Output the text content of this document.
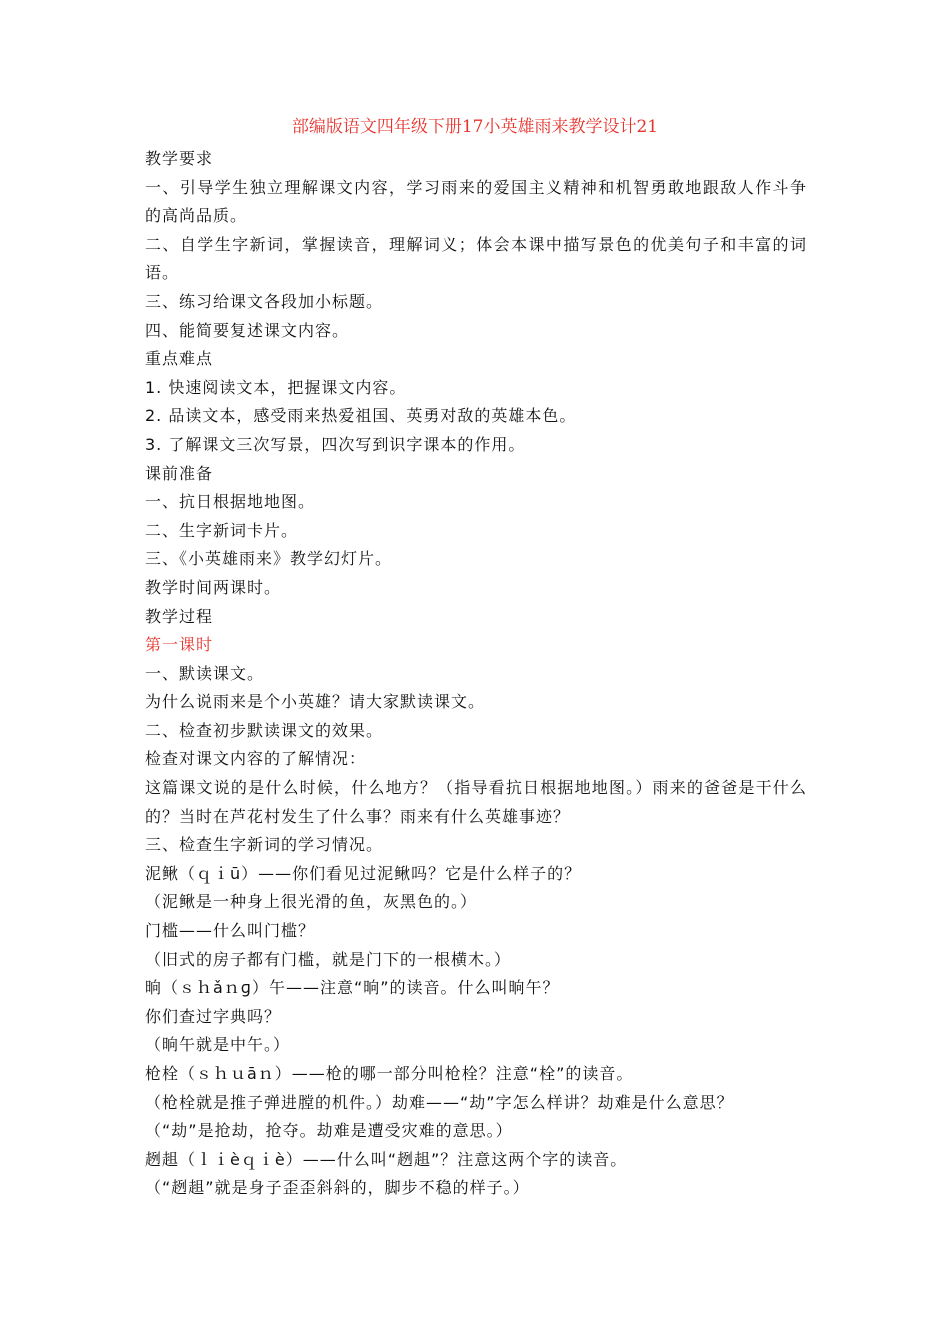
部编版语文四年级下册17小英雄雨来教学设计21
教学要求
一、引导学生独立理解课文内容，学习雨来的爱国主义精神和机智勇敢地跟敌人作斗争的高尚品质。
二、自学生字新词，掌握读音，理解词义；体会本课中描写景色的优美句子和丰富的词语。
三、练习给课文各段加小标题。
四、能简要复述课文内容。
重点难点
1. 快速阅读文本，把握课文内容。
2. 品读文本，感受雨来热爱祖国、英勇对敌的英雄本色。
3. 了解课文三次写景，四次写到识字课本的作用。
课前准备
一、抗日根据地地图。
二、生字新词卡片。
三、《小英雄雨来》教学幻灯片。
教学时间两课时。
教学过程
第一课时
一、默读课文。
为什么说雨来是个小英雄？请大家默读课文。
二、检查初步默读课文的效果。
检查对课文内容的了解情况：
这篇课文说的是什么时候，什么地方？（指导看抗日根据地地图。）雨来的爸爸是干什么的？当时在芦花村发生了什么事？雨来有什么英雄事迹？
三、检查生字新词的学习情况。
泥鳅（ｑｉū）——你们看见过泥鳅吗？它是什么样子的？
（泥鳅是一种身上很光滑的鱼，灰黑色的。）
门槛——什么叫门槛？
（旧式的房子都有门槛，就是门下的一根横木。）
晌（ｓｈǎｎɡ）午——注意“晌”的读音。什么叫晌午？
你们查过字典吗？
（晌午就是中午。）
枪栓（ｓｈｕāｎ）——枪的哪一部分叫枪栓？注意“栓”的读音。
（枪栓就是推子弹进膛的机件。）劫难——“劫”字怎么样讲？劫难是什么意思？
（“劫”是抢劫，抢夺。劫难是遭受灾难的意思。）
趔趄（ｌｉèｑｉè）——什么叫“趔趄”？注意这两个字的读音。
（“趔趄”就是身子歪歪斜斜的，脚步不稳的样子。）
